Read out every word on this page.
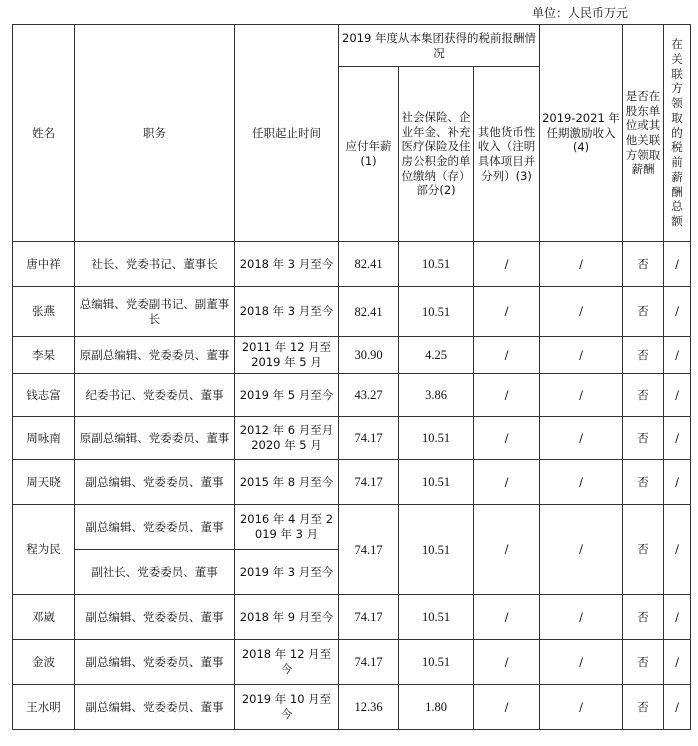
单位：人民币万元
姓名	职务	任职起止时间	2019 年度从本集团获得的税前报酬情况			2019-2021 年任期激励收入(4)	是否在股东单位或其他关联方领取薪酬	在关联方领取的税前薪酬总额
			应付年薪(1)	社会保险、企业年金、补充医疗保险及住房公积金的单位缴纳（存）部分(2)	其他货币性收入（注明具体项目并分列）(3)			
唐中祥	社长、党委书记、董事长	2018 年 3 月至今	82.41	10.51	/	/	否	/
张燕	总编辑、党委副书记、副董事长	2018 年 3 月至今	82.41	10.51	/	/	否	/
李杲	原副总编辑、党委委员、董事	2011 年 12 月至 2019 年 5 月	30.90	4.25	/	/	否	/
钱志富	纪委书记、党委委员、董事	2019 年 5 月至今	43.27	3.86	/	/	否	/
周咏南	原副总编辑、党委委员、董事	2012 年 6 月至月 2020 年 5 月	74.17	10.51	/	/	否	/
周天晓	副总编辑、党委委员、董事	2015 年 8 月至今	74.17	10.51	/	/	否	/
程为民	副总编辑、党委委员、董事	2016 年 4 月至 2019 年 3 月	74.17	10.51	/	/	否	/
	副社长、党委委员、董事	2019 年 3 月至今						
邓崴	副总编辑、党委委员、董事	2018 年 9 月至今	74.17	10.51	/	/	否	/
金波	副总编辑、党委委员、董事	2018 年 12 月至今	74.17	10.51	/	/	否	/
王水明	副总编辑、党委委员、董事	2019 年 10 月至今	12.36	1.80	/	/	否	/
